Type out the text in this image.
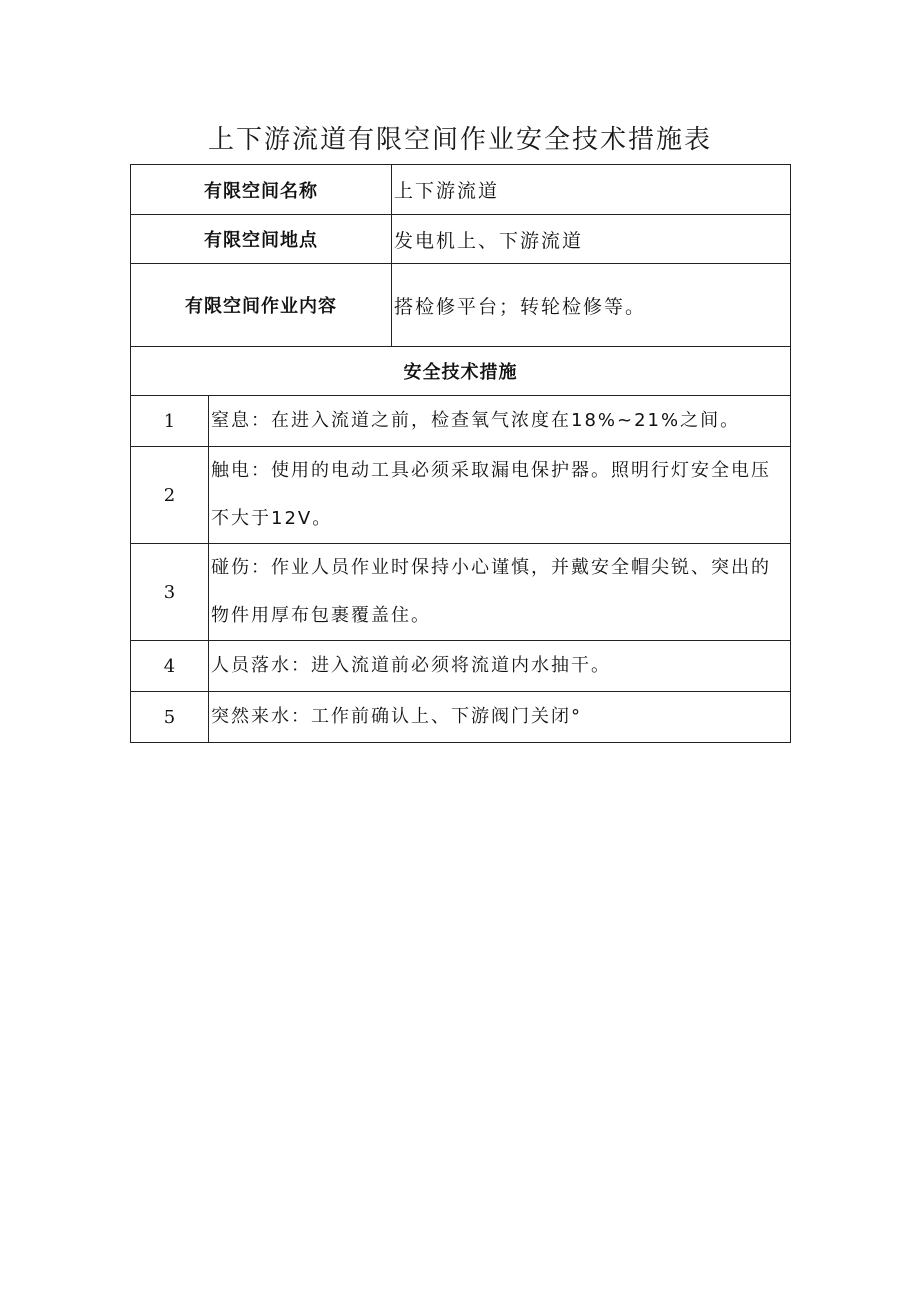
上下游流道有限空间作业安全技术措施表
有限空间名称		上下游流道
有限空间地点		发电机上、下游流道
有限空间作业内容		搭检修平台；转轮检修等。
安全技术措施		
1	窒息：在进入流道之前，检查氧气浓度在18%~21%之间。	
2	触电：使用的电动工具必须采取漏电保护器。照明行灯安全电压不大于12V。	
3	碰伤：作业人员作业时保持小心谨慎，并戴安全帽尖锐、突出的物件用厚布包裹覆盖住。	
4	人员落水：进入流道前必须将流道内水抽干。	
5	突然来水：工作前确认上、下游阀门关闭°	
